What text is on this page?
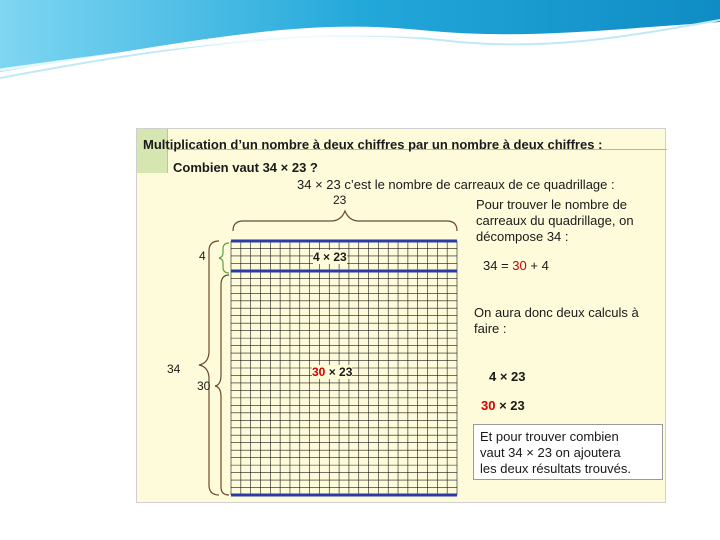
Multiplication d’un nombre à deux chiffres par un nombre à deux chiffres :
Combien vaut 34 × 23 ?
34 × 23 c’est le nombre de carreaux de ce quadrillage :
23
4
34
30
4 × 23
30 × 23
Pour trouver le nombre de
carreaux du quadrillage, on
décompose 34 :
34 = 30 + 4
On aura donc deux calculs à
faire :
4 × 23
30 × 23
Et pour trouver combien
vaut 34 × 23 on ajoutera
les deux résultats trouvés.
